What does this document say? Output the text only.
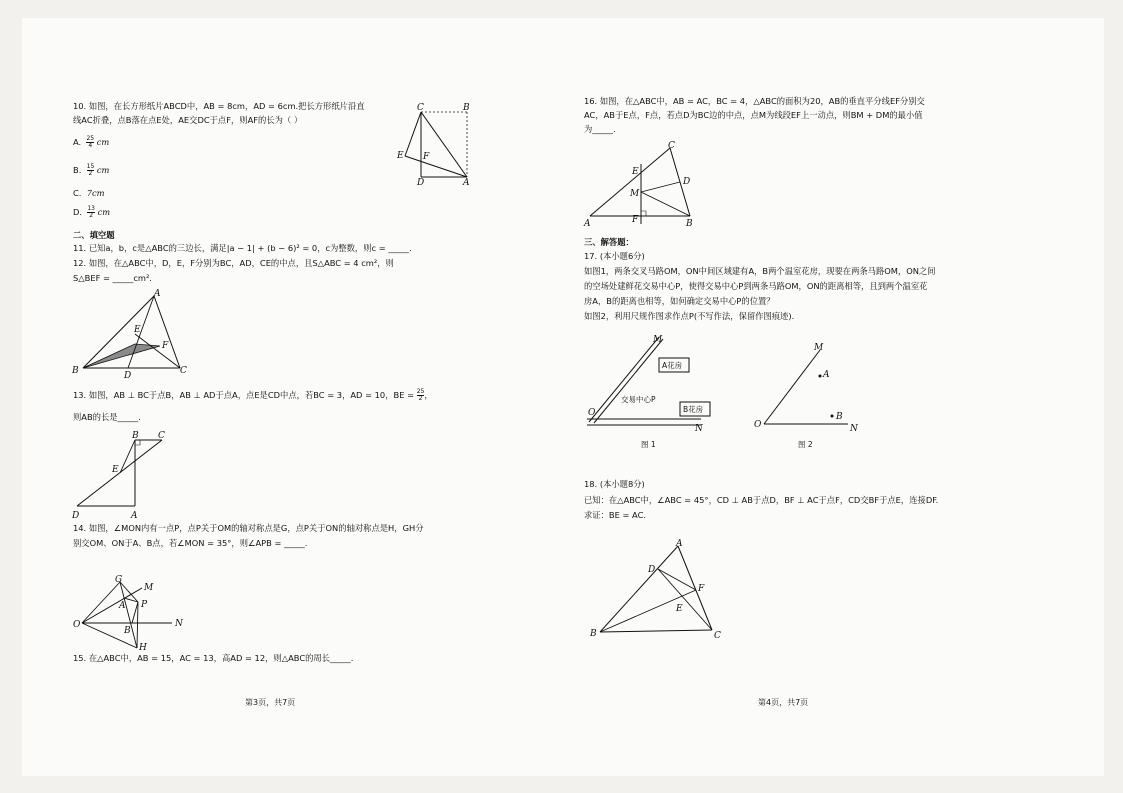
10. 如图，在长方形纸片ABCD中，AB = 8cm，AD = 6cm.把长方形纸片沿直
线AC折叠，点B落在点E处，AE交DC于点F，则AF的长为（ ）
A. $\frac{25}{4}$ cm
B. $\frac{15}{2}$ cm
C. 7cm
D. $\frac{13}{2}$ cm
C	B
E F
D	A
二、填空题
11. 已知a，b，c是△ABC的三边长，满足|a − 1| + (b − 6)² = 0，c为整数，则c = _____.
12. 如图，在△ABC中，D，E，F分别为BC，AD，CE的中点，且S△ABC = 4 cm²，则
S△BEF = _____cm².
A
E
F
B	D	C
13. 如图，AB ⊥ BC于点B，AB ⊥ AD于点A，点E是CD中点，若BC = 3，AD = 10，BE = $\frac{25}{2}$ ，
则AB的长是_____.
B C
E
D	A
14. 如图，∠MON内有一点P，点P关于OM的轴对称点是G，点P关于ON的轴对称点是H，GH分
别交OM、ON于A、B点，若∠MON = 35°，则∠APB = _____.
G
M
A P
O
B
N
H
15. 在△ABC中，AB = 15，AC = 13，高AD = 12，则△ABC的周长_____.
第3页，共7页
16. 如图，在△ABC中，AB = AC，BC = 4，△ABC的面积为20，AB的垂直平分线EF分别交
AC，AB于E点，F点，若点D为BC边的中点，点M为线段EF上一动点，则BM + DM的最小值
为_____.
C
E
D
M
A	F	B
三、解答题：
17. (本小题6分)
如图1，两条交叉马路OM，ON中间区域建有A，B两个温室花房，现要在两条马路OM，ON之间
的空场处建鲜花交易中心P，使得交易中心P到两条马路OM，ON的距离相等，且到两个温室花
房A，B的距离也相等，如何确定交易中心P的位置？
如图2，利用尺规作图求作点P(不写作法，保留作图痕迹).
M
O
N
A花房
B花房
交易中心P
图 1
M
A
B
O	N
图 2
18. (本小题8分)
已知：在△ABC中，∠ABC = 45°，CD ⊥ AB于点D，BF ⊥ AC于点F，CD交BF于点E，连接DF.
求证：BE = AC.
A
D
F
E
B	C
第4页，共7页
